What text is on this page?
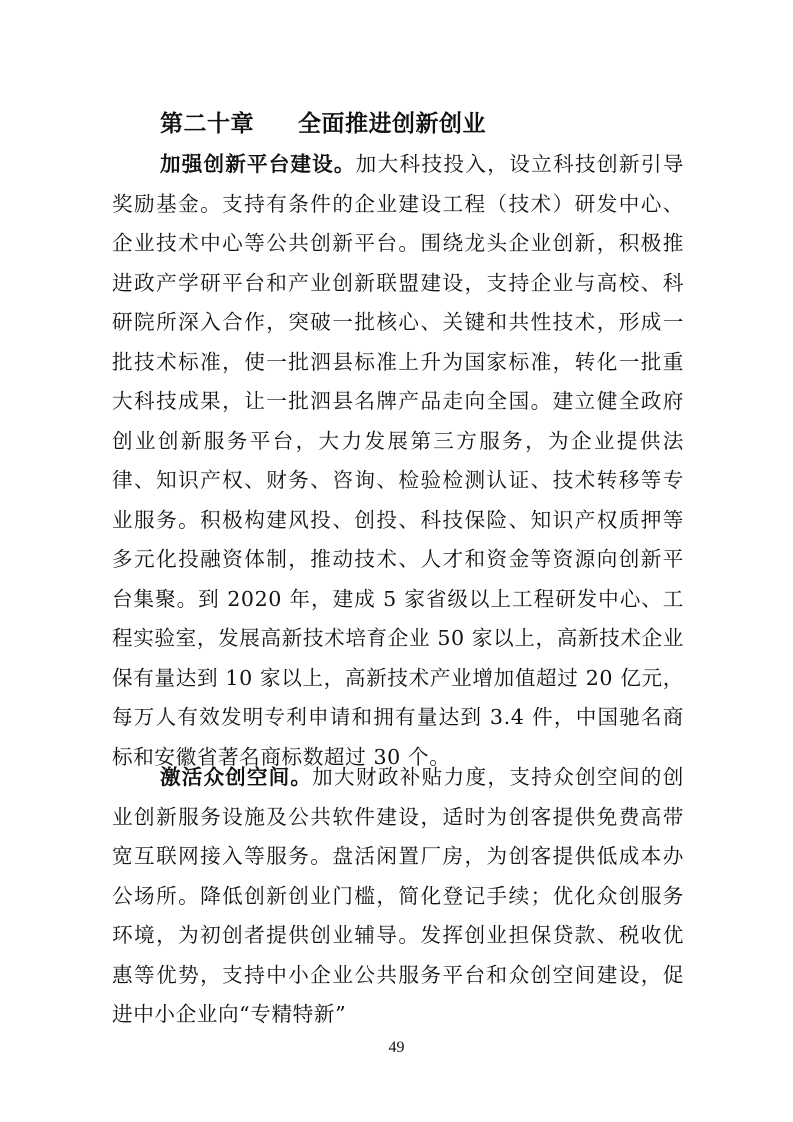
第二十章 全面推进创新创业
加强创新平台建设。加大科技投入，设立科技创新引导奖励基金。支持有条件的企业建设工程（技术）研发中心、企业技术中心等公共创新平台。围绕龙头企业创新，积极推进政产学研平台和产业创新联盟建设，支持企业与高校、科研院所深入合作，突破一批核心、关键和共性技术，形成一批技术标准，使一批泗县标准上升为国家标准，转化一批重大科技成果，让一批泗县名牌产品走向全国。建立健全政府创业创新服务平台，大力发展第三方服务，为企业提供法律、知识产权、财务、咨询、检验检测认证、技术转移等专业服务。积极构建风投、创投、科技保险、知识产权质押等多元化投融资体制，推动技术、人才和资金等资源向创新平台集聚。到 2020 年，建成 5 家省级以上工程研发中心、工程实验室，发展高新技术培育企业 50 家以上，高新技术企业保有量达到 10 家以上，高新技术产业增加值超过 20 亿元，每万人有效发明专利申请和拥有量达到 3.4 件，中国驰名商标和安徽省著名商标数超过 30 个。
激活众创空间。加大财政补贴力度，支持众创空间的创业创新服务设施及公共软件建设，适时为创客提供免费高带宽互联网接入等服务。盘活闲置厂房，为创客提供低成本办公场所。降低创新创业门槛，简化登记手续；优化众创服务环境，为初创者提供创业辅导。发挥创业担保贷款、税收优惠等优势，支持中小企业公共服务平台和众创空间建设，促进中小企业向“专精特新”
49
